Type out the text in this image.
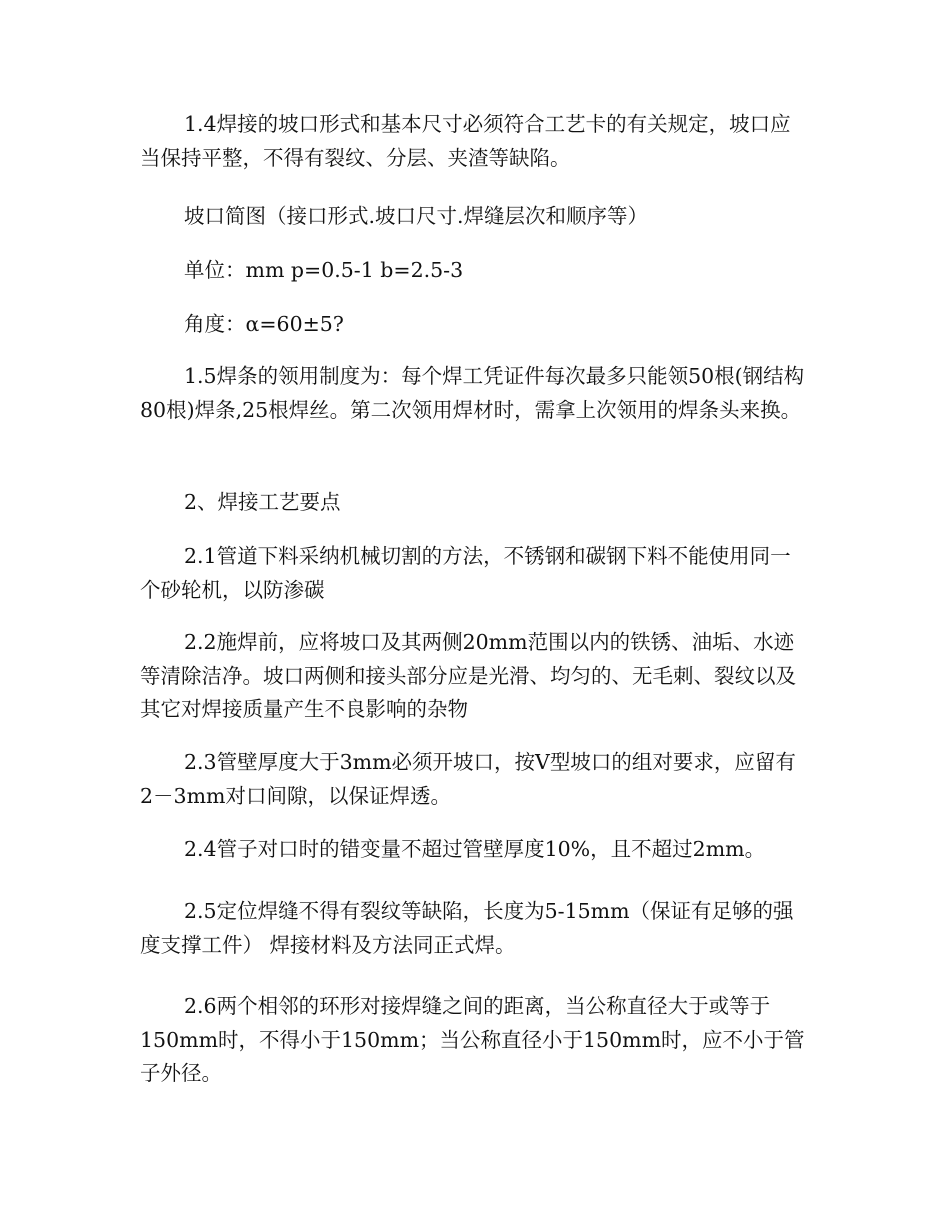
1.4焊接的坡口形式和基本尺寸必须符合工艺卡的有关规定，坡口应当保持平整，不得有裂纹、分层、夹渣等缺陷。

坡口简图（接口形式.坡口尺寸.焊缝层次和顺序等）

单位：mm p=0.5-1 b=2.5-3

角度：α=60±5?

1.5焊条的领用制度为：每个焊工凭证件每次最多只能领50根(钢结构80根)焊条,25根焊丝。第二次领用焊材时，需拿上次领用的焊条头来换。

2、焊接工艺要点

2.1管道下料采纳机械切割的方法，不锈钢和碳钢下料不能使用同一个砂轮机，以防渗碳

2.2施焊前，应将坡口及其两侧20mm范围以内的铁锈、油垢、水迹等清除洁净。坡口两侧和接头部分应是光滑、均匀的、无毛刺、裂纹以及其它对焊接质量产生不良影响的杂物

2.3管壁厚度大于3mm必须开坡口，按V型坡口的组对要求，应留有2－3mm对口间隙，以保证焊透。

2.4管子对口时的错变量不超过管壁厚度10%，且不超过2mm。

2.5定位焊缝不得有裂纹等缺陷，长度为5-15mm（保证有足够的强度支撑工件） 焊接材料及方法同正式焊。

2.6两个相邻的环形对接焊缝之间的距离，当公称直径大于或等于150mm时，不得小于150mm；当公称直径小于150mm时，应不小于管子外径。
